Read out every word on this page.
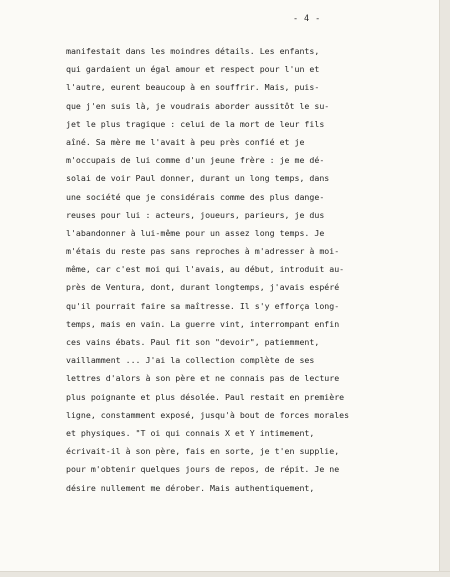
- 4 -
manifestait dans les moindres détails. Les enfants,
qui gardaient un égal amour et respect pour l'un et
l'autre, eurent beaucoup à en souffrir. Mais, puis-
que j'en suis là, je voudrais aborder aussitôt le su-
jet le plus tragique : celui de la mort de leur fils
aîné. Sa mère me l'avait à peu près confié et je
m'occupais de lui comme d'un jeune frère : je me dé-
solai de voir Paul donner, durant un long temps, dans
une société que je considérais comme des plus dange-
reuses pour lui : acteurs, joueurs, parieurs, je dus
l'abandonner à lui-même pour un assez long temps. Je
m'étais du reste pas sans reproches à m'adresser à moi-
même, car c'est moi qui l'avais, au début, introduit au-
près de Ventura, dont, durant longtemps, j'avais espéré
qu'il pourrait faire sa maîtresse. Il s'y efforça long-
temps, mais en vain. La guerre vint, interrompant enfin
ces vains ébats. Paul fit son "devoir", patiemment,
vaillamment ... J'ai la collection complète de ses
lettres d'alors à son père et ne connais pas de lecture
plus poignante et plus désolée. Paul restait en première
ligne, constamment exposé, jusqu'à bout de forces morales
et physiques. "T oi qui connais X et Y intimement,
écrivait-il à son père, fais en sorte, je t'en supplie,
pour m'obtenir quelques jours de repos, de répit. Je ne
désire nullement me dérober. Mais authentiquement,
